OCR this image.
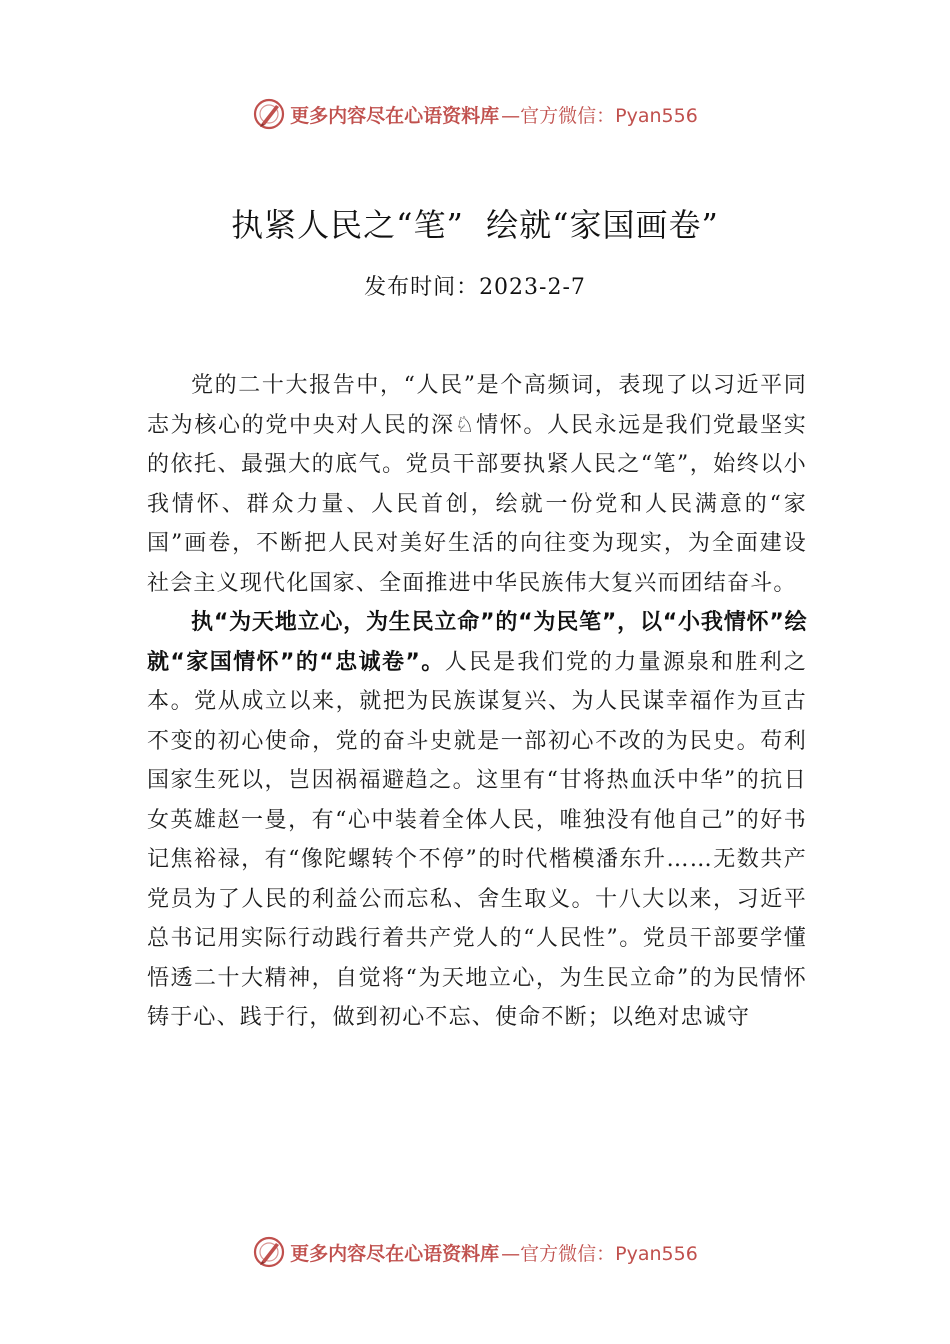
更多内容尽在心语资料库 —官方微信：Pyan556
执紧人民之“笔”  绘就“家国画卷”
发布时间：2023-2-7

党的二十大报告中，“人民”是个高频词，表现了以习近平同志为核心的党中央对人民的深♘情怀。人民永远是我们党最坚实的依托、最强大的底气。党员干部要执紧人民之“笔”，始终以小我情怀、群众力量、人民首创，绘就一份党和人民满意的“家国”画卷，不断把人民对美好生活的向往变为现实，为全面建设社会主义现代化国家、全面推进中华民族伟大复兴而团结奋斗。

执“为天地立心，为生民立命”的“为民笔”，以“小我情怀”绘就“家国情怀”的“忠诚卷”。人民是我们党的力量源泉和胜利之本。党从成立以来，就把为民族谋复兴、为人民谋幸福作为亘古不变的初心使命，党的奋斗史就是一部初心不改的为民史。苟利国家生死以，岂因祸福避趋之。这里有“甘将热血沃中华”的抗日女英雄赵一曼，有“心中装着全体人民，唯独没有他自己”的好书记焦裕禄，有“像陀螺转个不停”的时代楷模潘东升……无数共产党员为了人民的利益公而忘私、舍生取义。十八大以来，习近平总书记用实际行动践行着共产党人的“人民性”。党员干部要学懂悟透二十大精神，自觉将“为天地立心，为生民立命”的为民情怀铸于心、践于行，做到初心不忘、使命不断；以绝对忠诚守

更多内容尽在心语资料库 —官方微信：Pyan556
